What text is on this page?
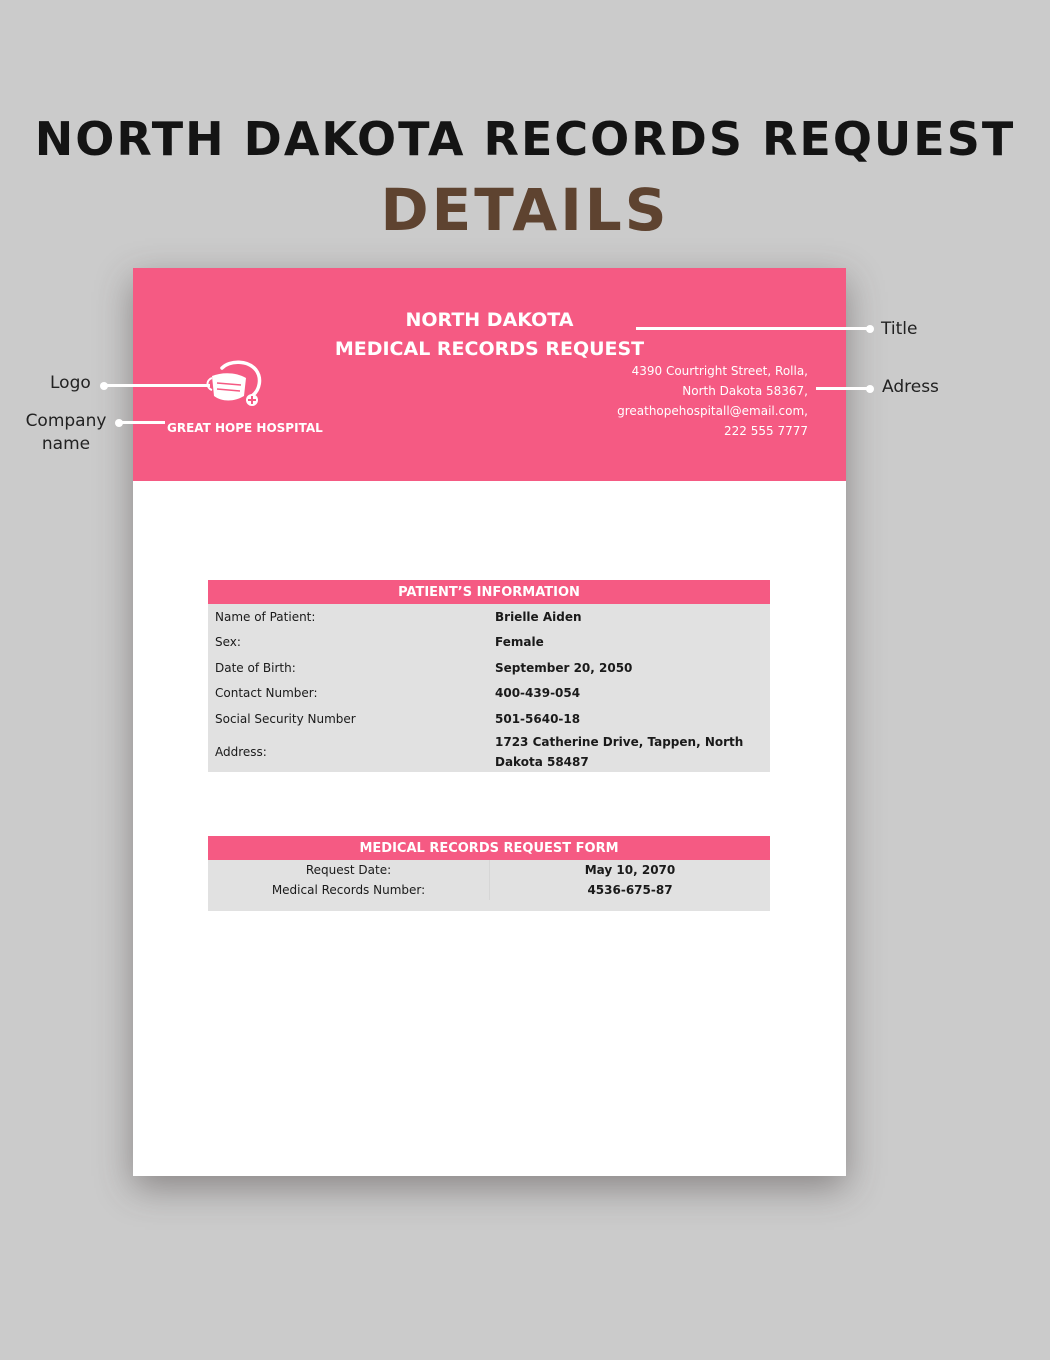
NORTH DAKOTA RECORDS REQUEST
DETAILS
NORTH DAKOTA
MEDICAL RECORDS REQUEST
GREAT HOPE HOSPITAL
4390 Courtright Street, Rolla,
North Dakota 58367,
greathopehospitall@email.com,
222 555 7777
PATIENT’S INFORMATION
Name of Patient:	Brielle Aiden
Sex:	Female
Date of Birth:	September 20, 2050
Contact Number:	400-439-054
Social Security Number	501-5640-18
Address:
1723 Catherine Drive, Tappen, North Dakota 58487
MEDICAL RECORDS REQUEST FORM
Request Date:	May 10, 2070
Medical Records Number:	4536-675-87
Logo
Company
name
Title
Adress
